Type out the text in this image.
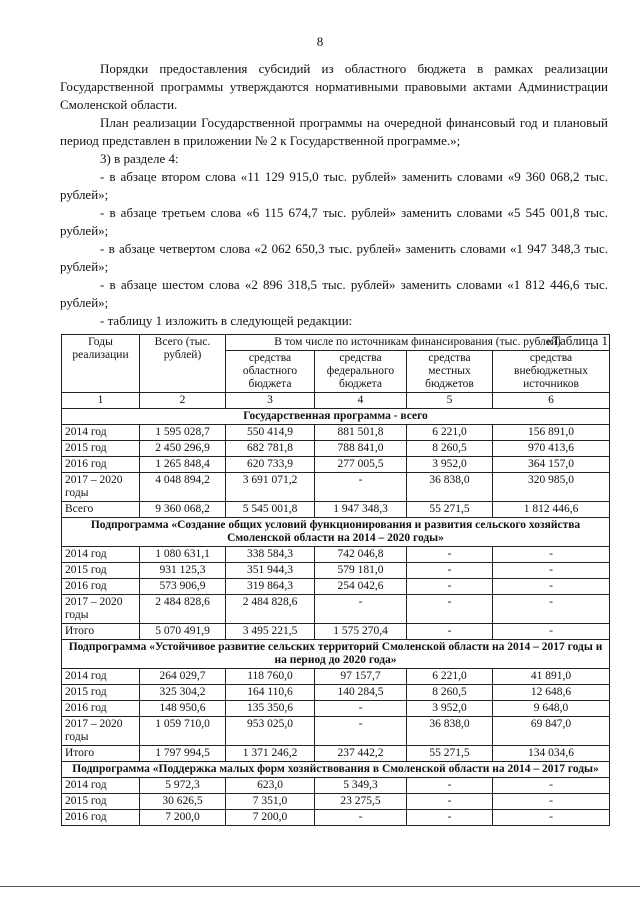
8

Порядки предоставления субсидий из областного бюджета в рамках реализации Государственной программы утверждаются нормативными правовыми актами Администрации Смоленской области.

План реализации Государственной программы на очередной финансовый год и плановый период представлен в приложении № 2 к Государственной программе.»;

3) в разделе 4:

- в абзаце втором слова «11 129 915,0 тыс. рублей» заменить словами «9 360 068,2 тыс. рублей»;

- в абзаце третьем слова «6 115 674,7 тыс. рублей» заменить словами «5 545 001,8 тыс. рублей»;

- в абзаце четвертом слова «2 062 650,3 тыс. рублей» заменить словами «1 947 348,3 тыс. рублей»;

- в абзаце шестом слова «2 896 318,5 тыс. рублей» заменить словами «1 812 446,6 тыс. рублей»;

- таблицу 1 изложить в следующей редакции:

«Таблица 1

Годы реализации	Всего (тыс. рублей)	В том числе по источникам финансирования (тыс. рублей)			
		средства областного бюджета	средства федерального бюджета	средства местных бюджетов	средства внебюджетных источников
1	2	3	4	5	6
Государственная программа - всего					
2014 год	1 595 028,7	550 414,9	881 501,8	6 221,0	156 891,0
2015 год	2 450 296,9	682 781,8	788 841,0	8 260,5	970 413,6
2016 год	1 265 848,4	620 733,9	277 005,5	3 952,0	364 157,0
2017 – 2020 годы	4 048 894,2	3 691 071,2	-	36 838,0	320 985,0
Всего	9 360 068,2	5 545 001,8	1 947 348,3	55 271,5	1 812 446,6
Подпрограмма «Создание общих условий функционирования и развития сельского хозяйства Смоленской области на 2014 – 2020 годы»					
2014 год	1 080 631,1	338 584,3	742 046,8	-	-
2015 год	931 125,3	351 944,3	579 181,0	-	-
2016 год	573 906,9	319 864,3	254 042,6	-	-
2017 – 2020 годы	2 484 828,6	2 484 828,6	-	-	-
Итого	5 070 491,9	3 495 221,5	1 575 270,4	-	-
Подпрограмма «Устойчивое развитие сельских территорий Смоленской области на 2014 – 2017 годы и на период до 2020 года»					
2014 год	264 029,7	118 760,0	97 157,7	6 221,0	41 891,0
2015 год	325 304,2	164 110,6	140 284,5	8 260,5	12 648,6
2016 год	148 950,6	135 350,6	-	3 952,0	9 648,0
2017 – 2020 годы	1 059 710,0	953 025,0	-	36 838,0	69 847,0
Итого	1 797 994,5	1 371 246,2	237 442,2	55 271,5	134 034,6
Подпрограмма «Поддержка малых форм хозяйствования в Смоленской области на 2014 – 2017 годы»					
2014 год	5 972,3	623,0	5 349,3	-	-
2015 год	30 626,5	7 351,0	23 275,5	-	-
2016 год	7 200,0	7 200,0	-	-	-
